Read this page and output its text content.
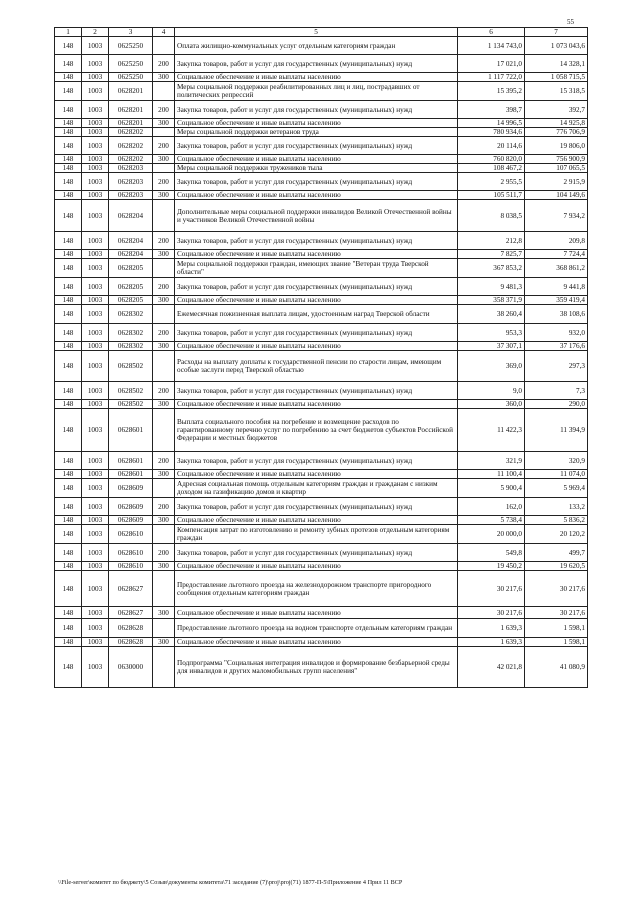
55
1	2	3	4	5	6	7
148	1003	0625250		Оплата жилищно-коммунальных услуг отдельным категориям граждан	1 134 743,0	1 073 043,6
148	1003	0625250	200	Закупка товаров, работ и услуг для государственных (муниципальных) нужд	17 021,0	14 328,1
148	1003	0625250	300	Социальное обеспечение и иные выплаты населению	1 117 722,0	1 058 715,5
148	1003	0628201		Меры социальной поддержки реабилитированных лиц и лиц, пострадавших от политических репрессий	15 395,2	15 318,5
148	1003	0628201	200	Закупка товаров, работ и услуг для государственных (муниципальных) нужд	398,7	392,7
148	1003	0628201	300	Социальное обеспечение и иные выплаты населению	14 996,5	14 925,8
148	1003	0628202		Меры социальной поддержки ветеранов труда	780 934,6	776 706,9
148	1003	0628202	200	Закупка товаров, работ и услуг для государственных (муниципальных) нужд	20 114,6	19 806,0
148	1003	0628202	300	Социальное обеспечение и иные выплаты населению	760 820,0	756 900,9
148	1003	0628203		Меры социальной поддержки тружеников тыла	108 467,2	107 065,5
148	1003	0628203	200	Закупка товаров, работ и услуг для государственных (муниципальных) нужд	2 955,5	2 915,9
148	1003	0628203	300	Социальное обеспечение и иные выплаты населению	105 511,7	104 149,6
148	1003	0628204		Дополнительные меры социальной поддержки инвалидов Великой Отечественной войны и участников Великой Отечественной войны	8 038,5	7 934,2
148	1003	0628204	200	Закупка товаров, работ и услуг для государственных (муниципальных) нужд	212,8	209,8
148	1003	0628204	300	Социальное обеспечение и иные выплаты населению	7 825,7	7 724,4
148	1003	0628205		Меры социальной поддержки граждан, имеющих звание "Ветеран труда Тверской области"	367 853,2	368 861,2
148	1003	0628205	200	Закупка товаров, работ и услуг для государственных (муниципальных) нужд	9 481,3	9 441,8
148	1003	0628205	300	Социальное обеспечение и иные выплаты населению	358 371,9	359 419,4
148	1003	0628302		Ежемесячная пожизненная выплата лицам, удостоенным наград Тверской области	38 260,4	38 108,6
148	1003	0628302	200	Закупка товаров, работ и услуг для государственных (муниципальных) нужд	953,3	932,0
148	1003	0628302	300	Социальное обеспечение и иные выплаты населению	37 307,1	37 176,6
148	1003	0628502		Расходы на выплату доплаты к государственной пенсии по старости лицам, имеющим особые заслуги перед Тверской областью	369,0	297,3
148	1003	0628502	200	Закупка товаров, работ и услуг для государственных (муниципальных) нужд	9,0	7,3
148	1003	0628502	300	Социальное обеспечение и иные выплаты населению	360,0	290,0
148	1003	0628601		Выплата социального пособия на погребение и возмещение расходов по гарантированному перечню услуг по погребению за счет бюджетов субъектов Российской Федерации и местных бюджетов	11 422,3	11 394,9
148	1003	0628601	200	Закупка товаров, работ и услуг для государственных (муниципальных) нужд	321,9	320,9
148	1003	0628601	300	Социальное обеспечение и иные выплаты населению	11 100,4	11 074,0
148	1003	0628609		Адресная социальная помощь отдельным категориям граждан и гражданам с низким доходом на газификацию домов и квартир	5 900,4	5 969,4
148	1003	0628609	200	Закупка товаров, работ и услуг для государственных (муниципальных) нужд	162,0	133,2
148	1003	0628609	300	Социальное обеспечение и иные выплаты населению	5 738,4	5 836,2
148	1003	0628610		Компенсация затрат по изготовлению и ремонту зубных протезов отдельным категориям граждан	20 000,0	20 120,2
148	1003	0628610	200	Закупка товаров, работ и услуг для государственных (муниципальных) нужд	549,8	499,7
148	1003	0628610	300	Социальное обеспечение и иные выплаты населению	19 450,2	19 620,5
148	1003	0628627		Предоставление льготного проезда на железнодорожном транспорте пригородного сообщения отдельным категориям граждан	30 217,6	30 217,6
148	1003	0628627	300	Социальное обеспечение и иные выплаты населению	30 217,6	30 217,6
148	1003	0628628		Предоставление льготного проезда на водном транспорте отдельным категориям граждан	1 639,3	1 598,1
148	1003	0628628	300	Социальное обеспечение и иные выплаты населению	1 639,3	1 598,1
148	1003	0630000		Подпрограмма "Социальная интеграция инвалидов и формирование безбарьерной среды для инвалидов и других маломобильных групп населения"	42 021,8	41 080,9
\\File-server\комитет по бюджету\5 Созыв\документы комитета\71 заседание (7)\proj\proj(71) 1877-П-5\Приложение 4 Прил 11 ВСР
